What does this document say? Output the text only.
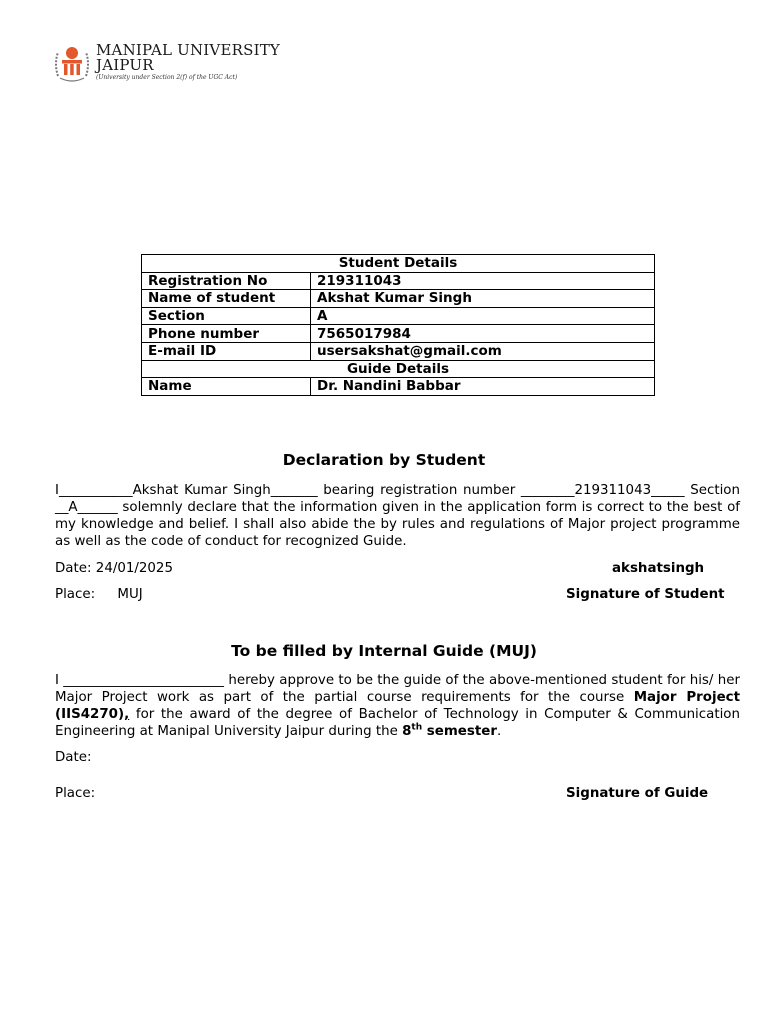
MANIPAL UNIVERSITY
JAIPUR
(University under Section 2(f) of the UGC Act)
Student Details	
Registration No	219311043
Name of student	Akshat Kumar Singh
Section	A
Phone number	7565017984
E-mail ID	usersakshat@gmail.com
Guide Details	
Name	Dr. Nandini Babbar
Declaration by Student
I___________Akshat Kumar Singh_______ bearing registration number ________219311043_____ Section __A______ solemnly declare that the information given in the application form is correct to the best of my knowledge and belief. I shall also abide the by rules and regulations of Major project programme as well as the code of conduct for recognized Guide.
Date: 24/01/2025	akshatsingh
Place: MUJ	Signature of Student
To be filled by Internal Guide (MUJ)
I ________________________ hereby approve to be the guide of the above-mentioned student for his/ her Major Project work as part of the partial course requirements for the course Major Project (IIS4270), for the award of the degree of Bachelor of Technology in Computer & Communication Engineering at Manipal University Jaipur during the 8th semester.
Date:
Place:	Signature of Guide
